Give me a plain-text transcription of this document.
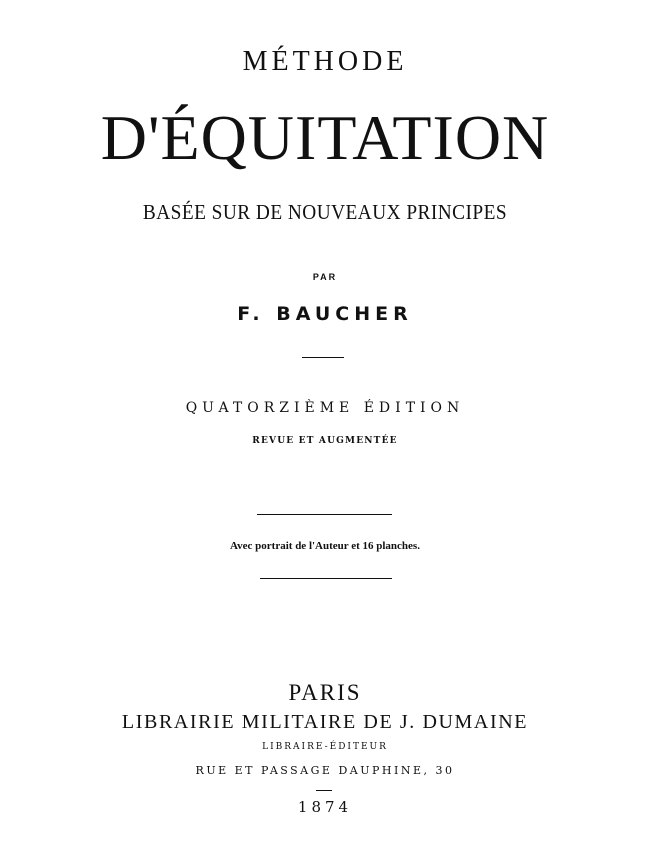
MÉTHODE
D'ÉQUITATION
BASÉE SUR DE NOUVEAUX PRINCIPES
PAR
F. BAUCHER
QUATORZIÈME ÉDITION
REVUE ET AUGMENTÉE
Avec portrait de l'Auteur et 16 planches.
PARIS
LIBRAIRIE MILITAIRE DE J. DUMAINE
LIBRAIRE-ÉDITEUR
RUE ET PASSAGE DAUPHINE, 30
1874
